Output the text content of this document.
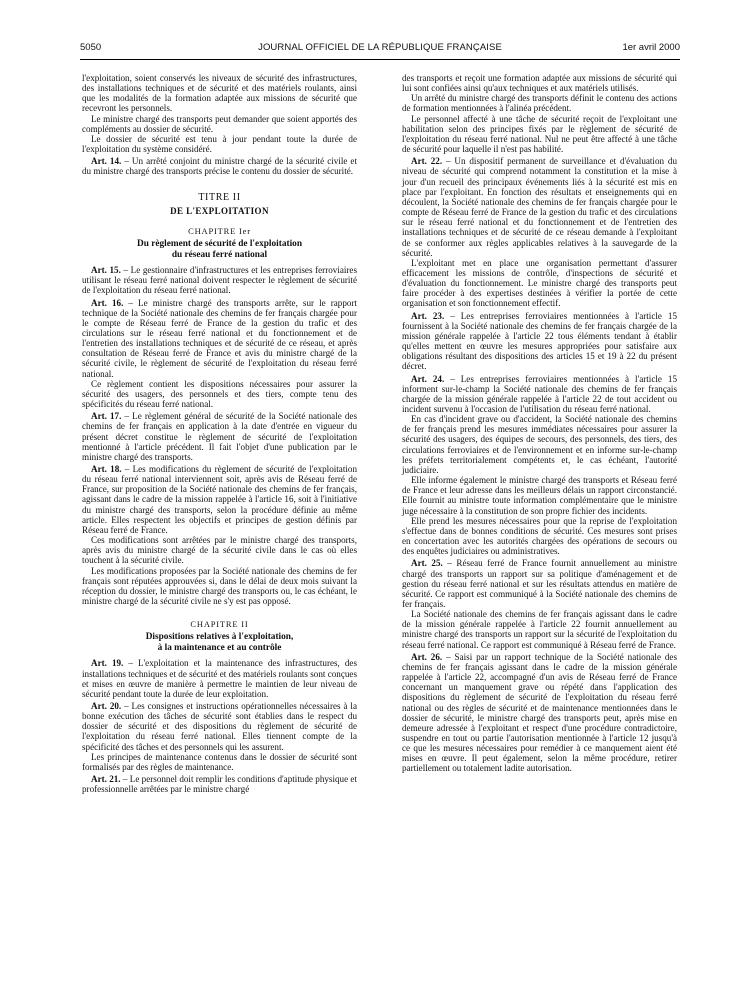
5050	JOURNAL OFFICIEL DE LA RÉPUBLIQUE FRANÇAISE	1er avril 2000

l'exploitation, soient conservés les niveaux de sécurité des infrastructures, des installations techniques et de sécurité et des matériels roulants, ainsi que les modalités de la formation adaptée aux missions de sécurité que recevront les personnels.

Le ministre chargé des transports peut demander que soient apportés des compléments au dossier de sécurité.

Le dossier de sécurité est tenu à jour pendant toute la durée de l'exploitation du système considéré.

Art. 14. – Un arrêté conjoint du ministre chargé de la sécurité civile et du ministre chargé des transports précise le contenu du dossier de sécurité.

TITRE II
DE L'EXPLOITATION
CHAPITRE Ier
Du règlement de sécurité de l'exploitation
du réseau ferré national

Art. 15. – Le gestionnaire d'infrastructures et les entreprises ferroviaires utilisant le réseau ferré national doivent respecter le règlement de sécurité de l'exploitation du réseau ferré national.

Art. 16. – Le ministre chargé des transports arrête, sur le rapport technique de la Société nationale des chemins de fer français chargée pour le compte de Réseau ferré de France de la gestion du trafic et des circulations sur le réseau ferré national et du fonctionnement et de l'entretien des installations techniques et de sécurité de ce réseau, et après consultation de Réseau ferré de France et avis du ministre chargé de la sécurité civile, le règlement de sécurité de l'exploitation du réseau ferré national.

Ce règlement contient les dispositions nécessaires pour assurer la sécurité des usagers, des personnels et des tiers, compte tenu des spécificités du réseau ferré national.

Art. 17. – Le règlement général de sécurité de la Société nationale des chemins de fer français en application à la date d'entrée en vigueur du présent décret constitue le règlement de sécurité de l'exploitation mentionné à l'article précédent. Il fait l'objet d'une publication par le ministre chargé des transports.

Art. 18. – Les modifications du règlement de sécurité de l'exploitation du réseau ferré national interviennent soit, après avis de Réseau ferré de France, sur proposition de la Société nationale des chemins de fer français, agissant dans le cadre de la mission rappelée à l'article 16, soit à l'initiative du ministre chargé des transports, selon la procédure définie au même article. Elles respectent les objectifs et principes de gestion définis par Réseau ferré de France.

Ces modifications sont arrêtées par le ministre chargé des transports, après avis du ministre chargé de la sécurité civile dans le cas où elles touchent à la sécurité civile.

Les modifications proposées par la Société nationale des chemins de fer français sont réputées approuvées si, dans le délai de deux mois suivant la réception du dossier, le ministre chargé des transports ou, le cas échéant, le ministre chargé de la sécurité civile ne s'y est pas opposé.

CHAPITRE II
Dispositions relatives à l'exploitation,
à la maintenance et au contrôle

Art. 19. – L'exploitation et la maintenance des infrastructures, des installations techniques et de sécurité et des matériels roulants sont conçues et mises en œuvre de manière à permettre le maintien de leur niveau de sécurité pendant toute la durée de leur exploitation.

Art. 20. – Les consignes et instructions opérationnelles nécessaires à la bonne exécution des tâches de sécurité sont établies dans le respect du dossier de sécurité et des dispositions du règlement de sécurité de l'exploitation du réseau ferré national. Elles tiennent compte de la spécificité des tâches et des personnels qui les assurent.

Les principes de maintenance contenus dans le dossier de sécurité sont formalisés par des règles de maintenance.

Art. 21. – Le personnel doit remplir les conditions d'aptitude physique et professionnelle arrêtées par le ministre chargé

des transports et reçoit une formation adaptée aux missions de sécurité qui lui sont confiées ainsi qu'aux techniques et aux matériels utilisés.

Un arrêté du ministre chargé des transports définit le contenu des actions de formation mentionnées à l'alinéa précédent.

Le personnel affecté à une tâche de sécurité reçoit de l'exploitant une habilitation selon des principes fixés par le règlement de sécurité de l'exploitation du réseau ferré national. Nul ne peut être affecté à une tâche de sécurité pour laquelle il n'est pas habilité.

Art. 22. – Un dispositif permanent de surveillance et d'évaluation du niveau de sécurité qui comprend notamment la constitution et la mise à jour d'un recueil des principaux événements liés à la sécurité est mis en place par l'exploitant. En fonction des résultats et enseignements qui en découlent, la Société nationale des chemins de fer français chargée pour le compte de Réseau ferré de France de la gestion du trafic et des circulations sur le réseau ferré national et du fonctionnement et de l'entretien des installations techniques et de sécurité de ce réseau demande à l'exploitant de se conformer aux règles applicables relatives à la sauvegarde de la sécurité.

L'exploitant met en place une organisation permettant d'assurer efficacement les missions de contrôle, d'inspections de sécurité et d'évaluation du fonctionnement. Le ministre chargé des transports peut faire procéder à des expertises destinées à vérifier la portée de cette organisation et son fonctionnement effectif.

Art. 23. – Les entreprises ferroviaires mentionnées à l'article 15 fournissent à la Société nationale des chemins de fer français chargée de la mission générale rappelée à l'article 22 tous éléments tendant à établir qu'elles mettent en œuvre les mesures appropriées pour satisfaire aux obligations résultant des dispositions des articles 15 et 19 à 22 du présent décret.

Art. 24. – Les entreprises ferroviaires mentionnées à l'article 15 informent sur-le-champ la Société nationale des chemins de fer français chargée de la mission générale rappelée à l'article 22 de tout accident ou incident survenu à l'occasion de l'utilisation du réseau ferré national.

En cas d'incident grave ou d'accident, la Société nationale des chemins de fer français prend les mesures immédiates nécessaires pour assurer la sécurité des usagers, des équipes de secours, des personnels, des tiers, des circulations ferroviaires et de l'environnement et en informe sur-le-champ les préfets territorialement compétents et, le cas échéant, l'autorité judiciaire.

Elle informe également le ministre chargé des transports et Réseau ferré de France et leur adresse dans les meilleurs délais un rapport circonstancié. Elle fournit au ministre toute information complémentaire que le ministre juge nécessaire à la constitution de son propre fichier des incidents.

Elle prend les mesures nécessaires pour que la reprise de l'exploitation s'effectue dans de bonnes conditions de sécurité. Ces mesures sont prises en concertation avec les autorités chargées des opérations de secours ou des enquêtes judiciaires ou administratives.

Art. 25. – Réseau ferré de France fournit annuellement au ministre chargé des transports un rapport sur sa politique d'aménagement et de gestion du réseau ferré national et sur les résultats attendus en matière de sécurité. Ce rapport est communiqué à la Société nationale des chemins de fer français.

La Société nationale des chemins de fer français agissant dans le cadre de la mission générale rappelée à l'article 22 fournit annuellement au ministre chargé des transports un rapport sur la sécurité de l'exploitation du réseau ferré national. Ce rapport est communiqué à Réseau ferré de France.

Art. 26. – Saisi par un rapport technique de la Société nationale des chemins de fer français agissant dans le cadre de la mission générale rappelée à l'article 22, accompagné d'un avis de Réseau ferré de France concernant un manquement grave ou répété dans l'application des dispositions du règlement de sécurité de l'exploitation du réseau ferré national ou des règles de sécurité et de maintenance mentionnées dans le dossier de sécurité, le ministre chargé des transports peut, après mise en demeure adressée à l'exploitant et respect d'une procédure contradictoire, suspendre en tout ou partie l'autorisation mentionnée à l'article 12 jusqu'à ce que les mesures nécessaires pour remédier à ce manquement aient été mises en œuvre. Il peut également, selon la même procédure, retirer partiellement ou totalement ladite autorisation.
